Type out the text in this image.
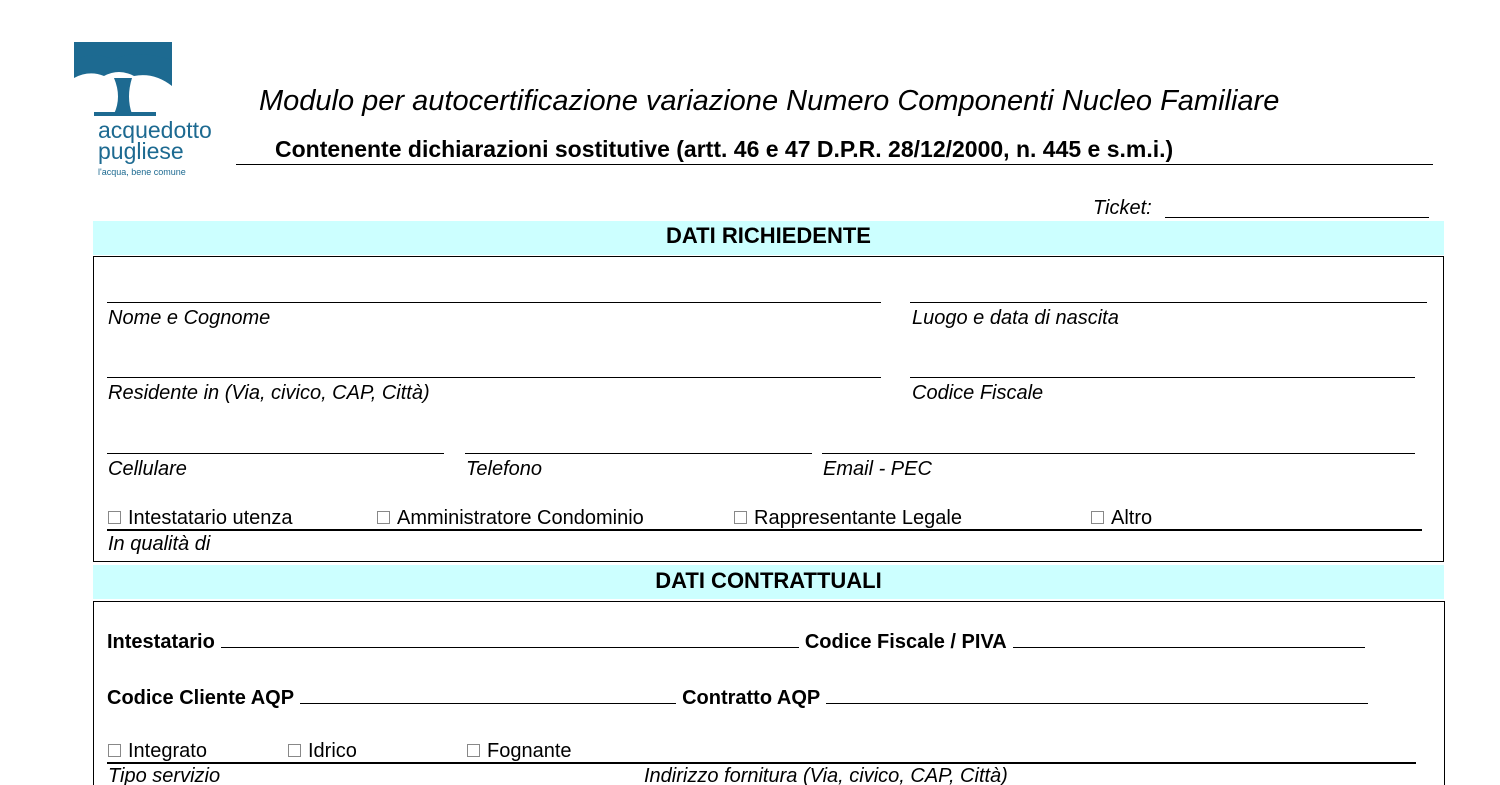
acquedotto
pugliese
l'acqua, bene comune
Modulo per autocertificazione variazione Numero Componenti Nucleo Familiare
Contenente dichiarazioni sostitutive (artt. 46 e 47 D.P.R. 28/12/2000, n. 445 e s.m.i.)
Ticket:
DATI RICHIEDENTE
Nome e Cognome	Luogo e data di nascita
Residente in (Via, civico, CAP, Città)	Codice Fiscale
Cellulare	Telefono	Email - PEC
Intestatario utenza	Amministratore Condominio	Rappresentante Legale	Altro
In qualità di
DATI CONTRATTUALI
Intestatario	Codice Fiscale / PIVA
Codice Cliente AQP	Contratto AQP
Integrato	Idrico	Fognante
Tipo servizio	Indirizzo fornitura (Via, civico, CAP, Città)
